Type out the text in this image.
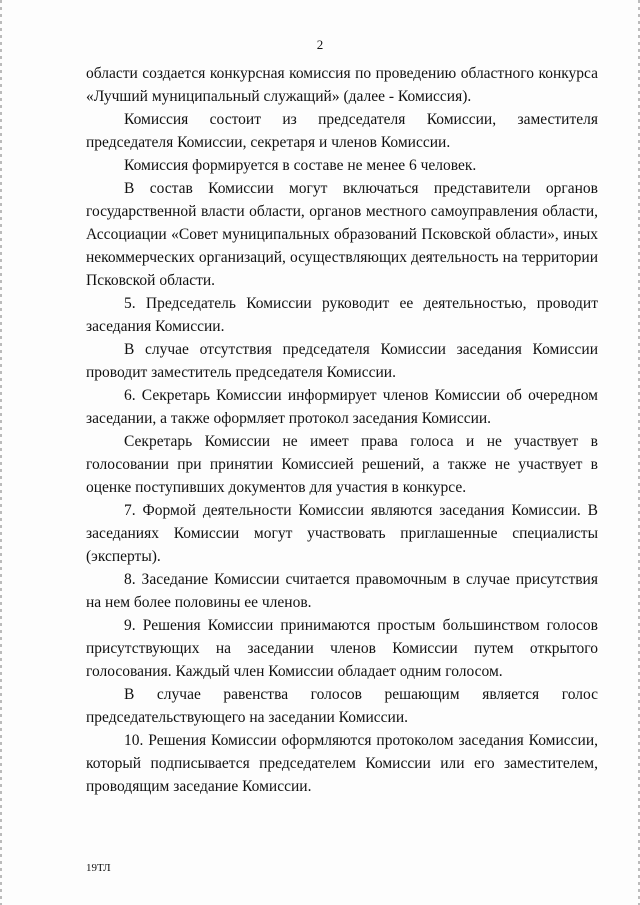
2

области создается конкурсная комиссия по проведению областного конкурса «Лучший муниципальный служащий» (далее - Комиссия).

Комиссия состоит из председателя Комиссии, заместителя председателя Комиссии, секретаря и членов Комиссии.

Комиссия формируется в составе не менее 6 человек.

В состав Комиссии могут включаться представители органов государственной власти области, органов местного самоуправления области, Ассоциации «Совет муниципальных образований Псковской области», иных некоммерческих организаций, осуществляющих деятельность на территории Псковской области.

5. Председатель Комиссии руководит ее деятельностью, проводит заседания Комиссии.

В случае отсутствия председателя Комиссии заседания Комиссии проводит заместитель председателя Комиссии.

6. Секретарь Комиссии информирует членов Комиссии об очередном заседании, а также оформляет протокол заседания Комиссии.

Секретарь Комиссии не имеет права голоса и не участвует в голосовании при принятии Комиссией решений, а также не участвует в оценке поступивших документов для участия в конкурсе.

7. Формой деятельности Комиссии являются заседания Комиссии. В заседаниях Комиссии могут участвовать приглашенные специалисты (эксперты).

8. Заседание Комиссии считается правомочным в случае присутствия на нем более половины ее членов.

9. Решения Комиссии принимаются простым большинством голосов присутствующих на заседании членов Комиссии путем открытого голосования. Каждый член Комиссии обладает одним голосом.

В случае равенства голосов решающим является голос председательствующего на заседании Комиссии.

10. Решения Комиссии оформляются протоколом заседания Комиссии, который подписывается председателем Комиссии или его заместителем, проводящим заседание Комиссии.

19ТЛ
